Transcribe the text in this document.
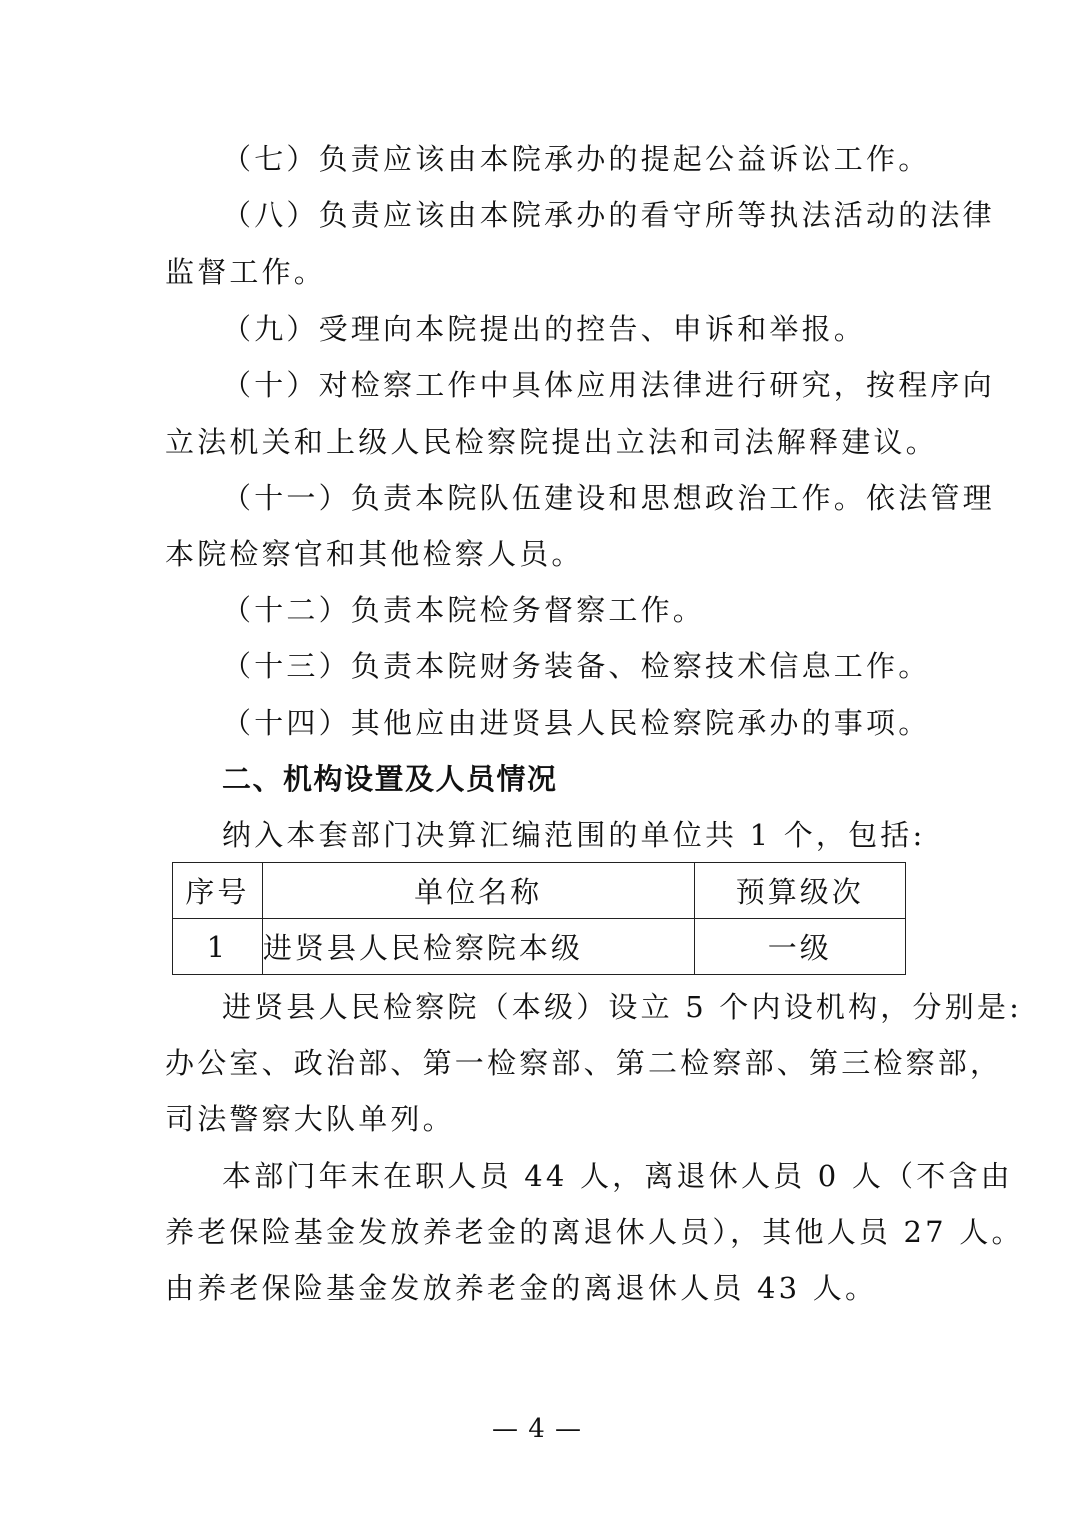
（七）负责应该由本院承办的提起公益诉讼工作。
（八）负责应该由本院承办的看守所等执法活动的法律
监督工作。
（九）受理向本院提出的控告、申诉和举报。
（十）对检察工作中具体应用法律进行研究，按程序向
立法机关和上级人民检察院提出立法和司法解释建议。
（十一）负责本院队伍建设和思想政治工作。依法管理
本院检察官和其他检察人员。
（十二）负责本院检务督察工作。
（十三）负责本院财务装备、检察技术信息工作。
（十四）其他应由进贤县人民检察院承办的事项。
二、机构设置及人员情况
纳入本套部门决算汇编范围的单位共 1 个，包括:
序号	单位名称	预算级次
1	进贤县人民检察院本级	一级
进贤县人民检察院（本级）设立 5 个内设机构，分别是:
办公室、政治部、第一检察部、第二检察部、第三检察部，
司法警察大队单列。
本部门年末在职人员 44 人，离退休人员 0 人（不含由
养老保险基金发放养老金的离退休人员），其他人员 27 人。
由养老保险基金发放养老金的离退休人员 43 人。
— 4 —
